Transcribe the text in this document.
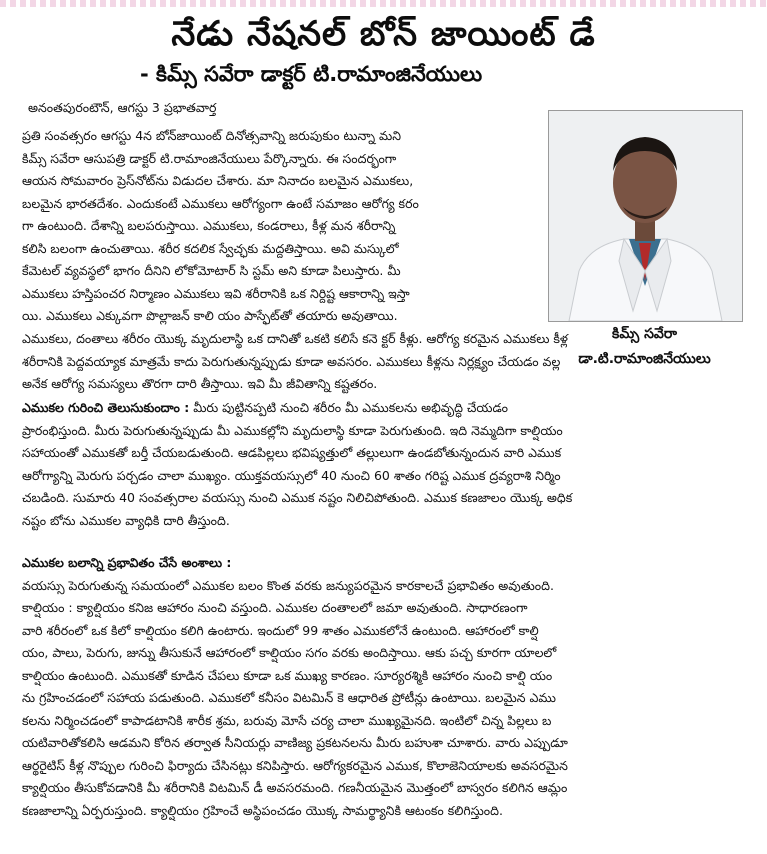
నేడు నేషనల్ బోన్ జాయింట్ డే
- కిమ్స్ సవేరా డాక్టర్ టి.రామాంజినేయులు
అనంతపురంటౌన్, ఆగస్టు 3 ప్రభాతవార్త
కిమ్స్ సవేరా
డా.టి.రామాంజినేయులు
ప్రతి సంవత్సరం ఆగస్టు 4న బోన్‌జాయింట్ దినోత్సవాన్ని జరుపుకుం టున్నా మని
కిమ్స్ సవేరా ఆసుపత్రి డాక్టర్ టి.రామాంజినేయులు పేర్కొన్నారు. ఈ సందర్భంగా
ఆయన సోమవారం ప్రెస్‌నోట్‌ను విడుదల చేశారు. మా నినాదం బలమైన ఎముకలు,
బలమైన భారతదేశం. ఎందుకంటే ఎముకలు ఆరోగ్యంగా ఉంటే సమాజం ఆరోగ్య కరం
గా ఉంటుంది. దేశాన్ని బలపరుస్తాయి. ఎముకలు, కండరాలు, కీళ్ల మన శరీరాన్ని
కలిసి బలంగా ఉంచుతాయి. శరీర కదలిక స్వేచ్ఛకు మద్దతిస్తాయి. అవి మస్కులో
కేమెటల్ వ్యవస్థలో భాగం దీనిని లోకోమోటార్ సి స్టమ్ అని కూడా పిలుస్తారు. మీ
ఎముకలు హస్తిపంచర నిర్మాణం ఎముకలు ఇవి శరీరానికి ఒక నిర్దిష్ట ఆకారాన్ని ఇస్తా
యి. ఎముకలు ఎక్కువగా పొల్లాజన్ కాలి యం పాస్ఫేట్‌తో తయారు అవుతాయి.
ఎముకలు, దంతాలు శరీరం యొక్క మృదులాస్థి ఒక దానితో ఒకటి కలిసే కనె క్టర్ కీళ్లు. ఆరోగ్య కరమైన ఎముకలు కీళ్ల
శరీరానికి పెద్దవయ్యాక మాత్రమే కాదు పెరుగుతున్నప్పుడు కూడా అవసరం. ఎముకలు కీళ్లను నిర్లక్ష్యం చేయడం వల్ల
అనేక ఆరోగ్య సమస్యలు తొరగా దారి తీస్తాయి. ఇవి మీ జీవితాన్ని కష్టతరం.
ఎముకల గురించి తెలుసుకుందాం : మీరు పుట్టినప్పటి నుంచి శరీరం మీ ఎముకలను అభివృద్ధి చేయడం
ప్రారంభిస్తుంది. మీరు పెరుగుతున్నప్పుడు మీ ఎముకల్లోని మృదులాస్థి కూడా పెరుగుతుంది. ఇది నెమ్మదిగా కాల్షియం
సహాయంతో ఎముకతో బర్తీ చేయబడుతుంది. ఆడపిల్లలు భవిష్యత్తులో తల్లులుగా ఉండబోతున్నందున వారి ఎముక
ఆరోగ్యాన్ని మెరుగు పర్చడం చాలా ముఖ్యం. యుక్తవయస్సులో 40 నుంచి 60 శాతం గరిష్ట ఎముక ద్రవ్యరాశి నిర్మిం
చబడింది. సుమారు 40 సంవత్సరాల వయస్సు నుంచి ఎముక నష్టం నిలిచిపోతుంది. ఎముక కణజాలం యొక్క అధిక
నష్టం బోను ఎముకల వ్యాధికి దారి తీస్తుంది.
ఎముకల బలాన్ని ప్రభావితం చేసే అంశాలు :
వయస్సు పెరుగుతున్న సమయంలో ఎముకల బలం కొంత వరకు జన్యుపరమైన కారకాలచే ప్రభావితం అవుతుంది.
కాల్షియం : క్యాల్షియం కనిజ ఆహారం నుంచి వస్తుంది. ఎముకల దంతాలలో జమా అవుతుంది. సాధారణంగా
వారి శరీరంలో ఒక కిలో కాల్షియం కలిగి ఉంటారు. ఇందులో 99 శాతం ఎముకలోనే ఉంటుంది. ఆహారంలో కాల్షి
యం, పాలు, పెరుగు, జున్ను తీసుకునే ఆహారంలో కాల్షియం సగం వరకు అందిస్తాయి. ఆకు పచ్చ కూరగా యాలలో
కాల్షియం ఉంటుంది. ఎముకతో కూడిన చేపలు కూడా ఒక ముఖ్య కారణం. సూర్యరశ్మికి ఆహారం నుంచి కాల్షి యం
ను గ్రహించడంలో సహాయ పడుతుంది. ఎముకలో కనీసం విటమిన్ కె ఆధారిత ప్రోటీన్లు ఉంటాయి. బలమైన ఎము
కలను నిర్మించడంలో కాపాడటానికి శారీక శ్రమ, బరువు మోసే చర్య చాలా ముఖ్యమైనది. ఇంటిలో చిన్న పిల్లలు బ
యటివారితోకలిసి ఆడమని కోరిన తర్వాత సీనియర్లు వాణిజ్య ప్రకటనలను మీరు బహుశా చూశారు. వారు ఎప్పుడూ
ఆర్థరైటిస్ కీళ్ల నొప్పుల గురించి ఫిర్యాదు చేసినట్లు కనిపిస్తారు. ఆరోగ్యకరమైన ఎముక, కొలాజెనియాలకు అవసరమైన
క్యాల్షియం తీసుకోవడానికి మీ శరీరానికి విటమిన్ డీ అవసరమంది. గణనీయమైన మొత్తంలో బాస్వరం కలిగిన ఆమ్లం
కణజాలాన్ని ఏర్పరుస్తుంది. క్యాల్షియం గ్రహించే అస్థిపంచడం యొక్క సామర్థ్యానికి ఆటంకం కలిగిస్తుంది.
